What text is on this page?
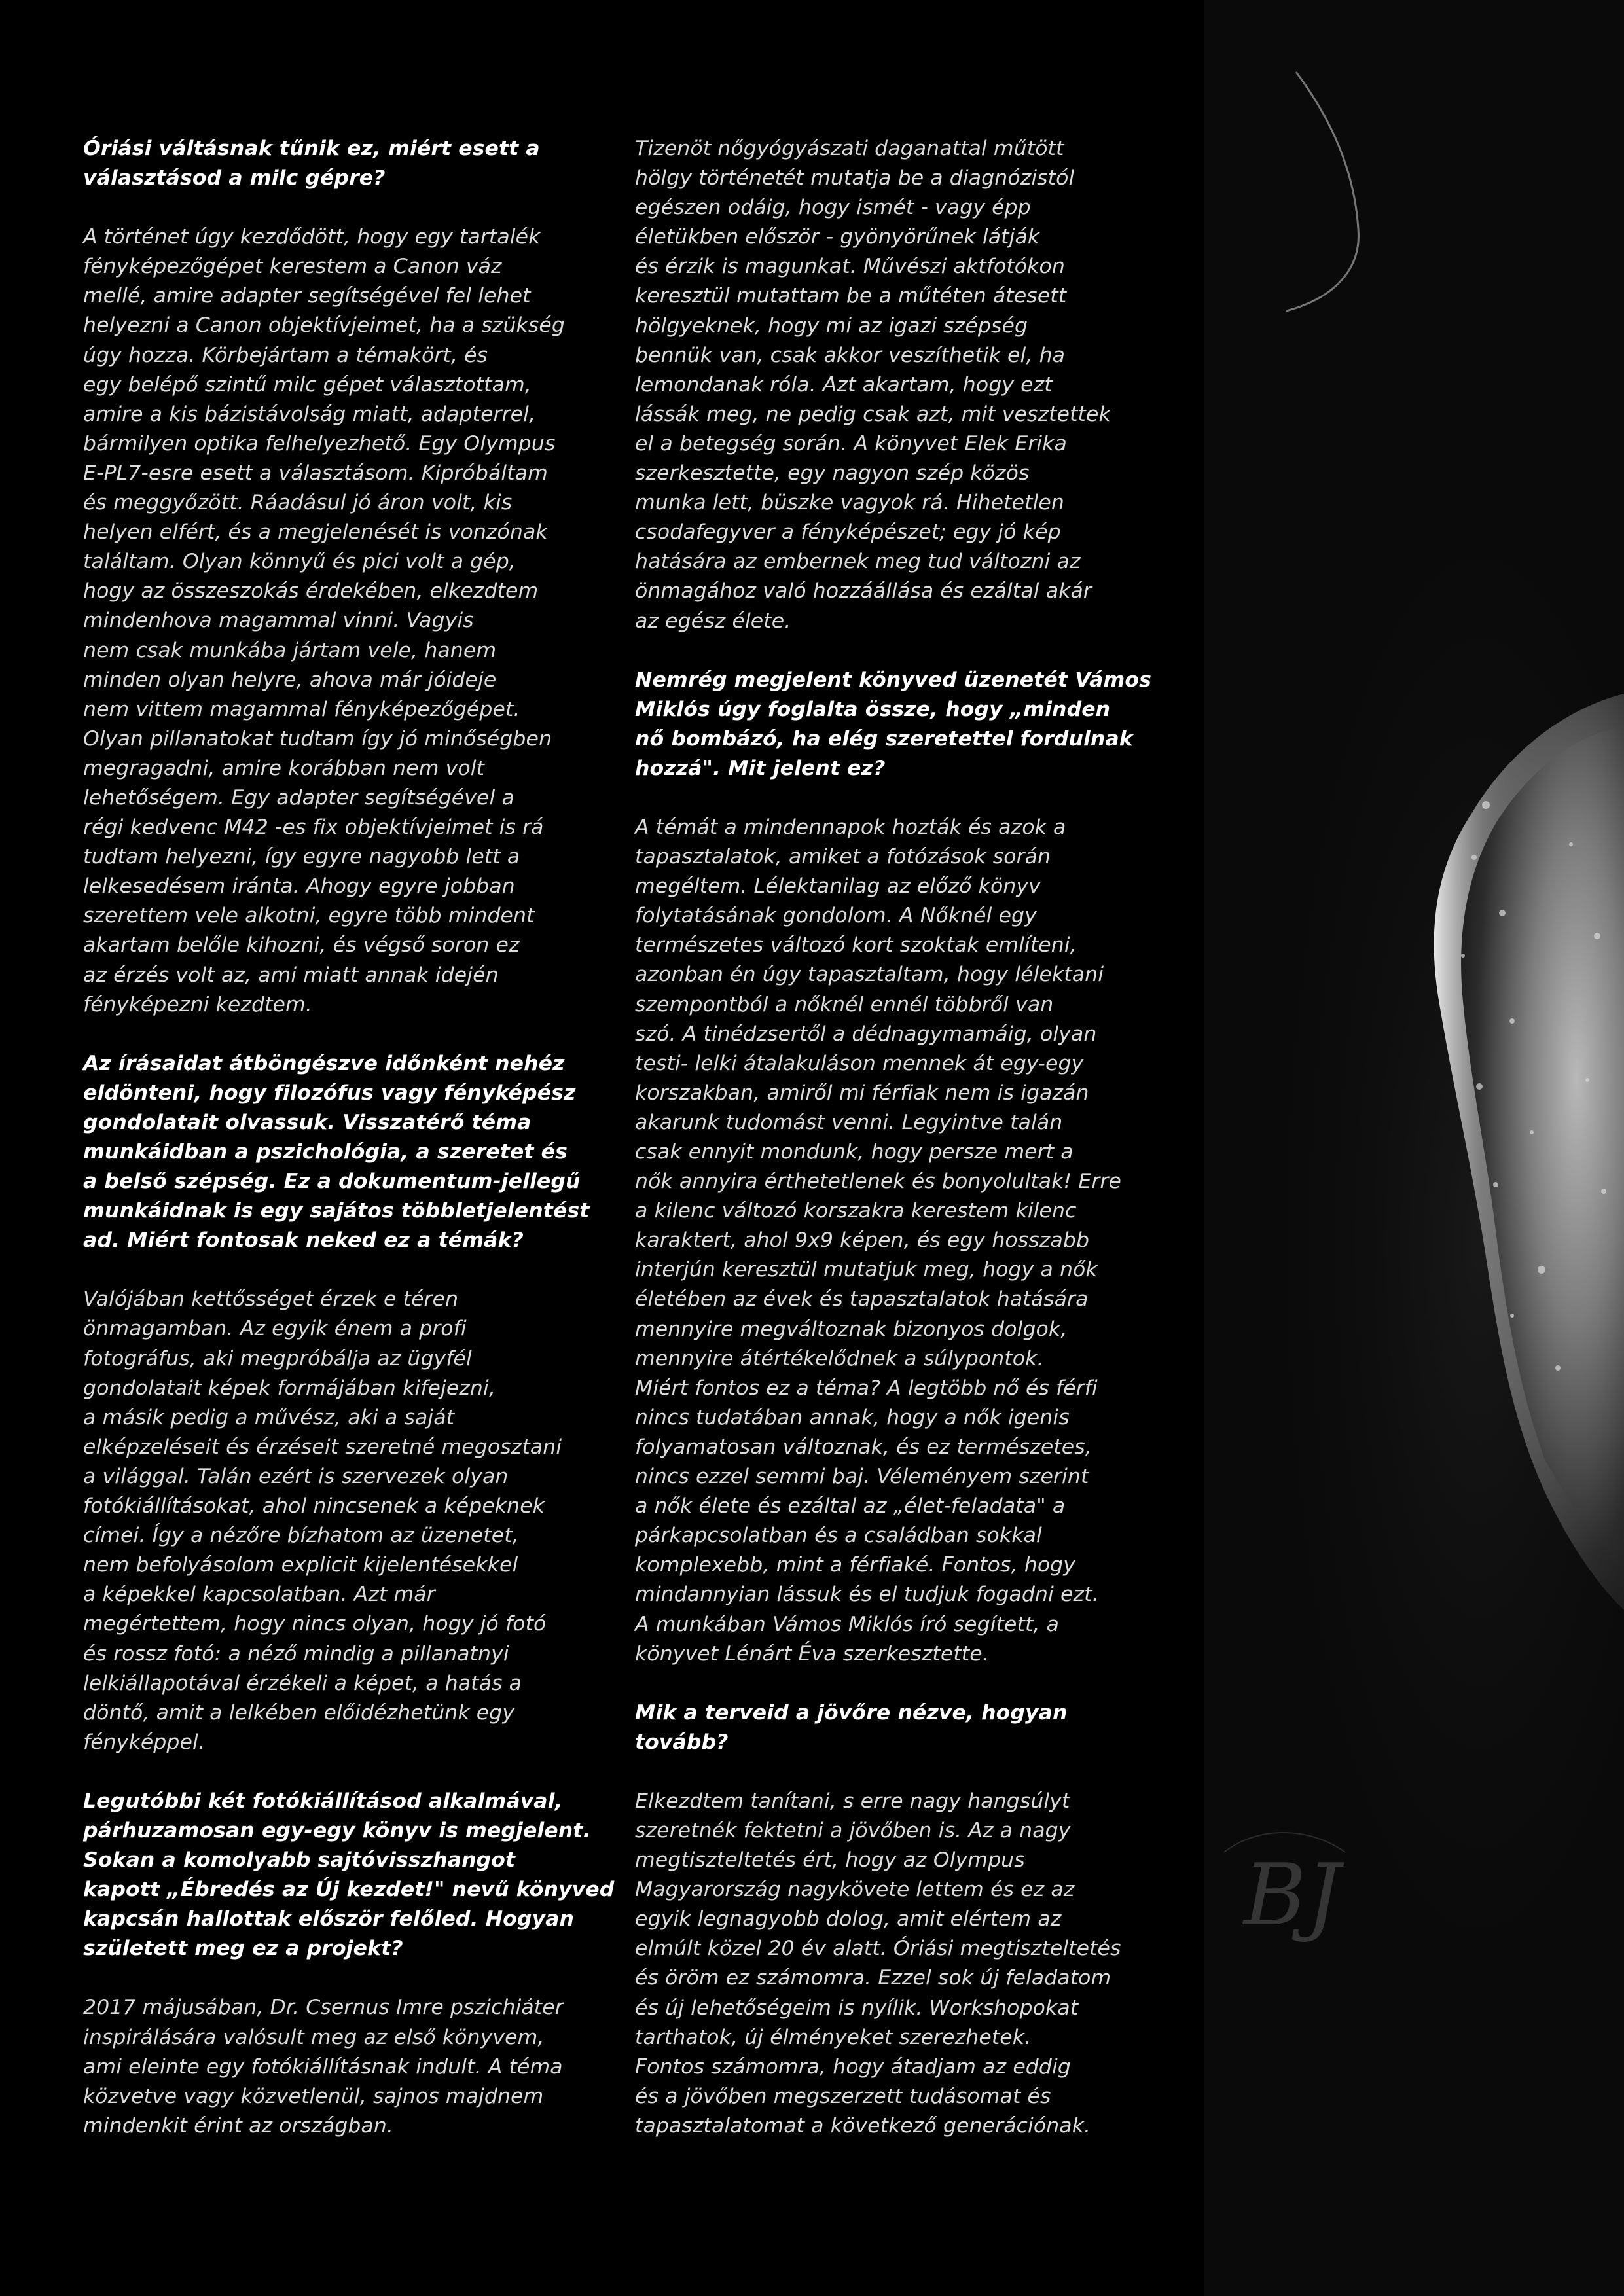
Óriási váltásnak tűnik ez, miért esett a
választásod a milc gépre?
A történet úgy kezdődött, hogy egy tartalék
fényképezőgépet kerestem a Canon váz
mellé, amire adapter segítségével fel lehet
helyezni a Canon objektívjeimet, ha a szükség
úgy hozza. Körbejártam a témakört, és
egy belépő szintű milc gépet választottam,
amire a kis bázistávolság miatt, adapterrel,
bármilyen optika felhelyezhető. Egy Olympus
E-PL7-esre esett a választásom. Kipróbáltam
és meggyőzött. Ráadásul jó áron volt, kis
helyen elfért, és a megjelenését is vonzónak
találtam. Olyan könnyű és pici volt a gép,
hogy az összeszokás érdekében, elkezdtem
mindenhova magammal vinni. Vagyis
nem csak munkába jártam vele, hanem
minden olyan helyre, ahova már jóideje
nem vittem magammal fényképezőgépet.
Olyan pillanatokat tudtam így jó minőségben
megragadni, amire korábban nem volt
lehetőségem. Egy adapter segítségével a
régi kedvenc M42 -es fix objektívjeimet is rá
tudtam helyezni, így egyre nagyobb lett a
lelkesedésem iránta. Ahogy egyre jobban
szerettem vele alkotni, egyre több mindent
akartam belőle kihozni, és végső soron ez
az érzés volt az, ami miatt annak idején
fényképezni kezdtem.
Az írásaidat átböngészve időnként nehéz
eldönteni, hogy filozófus vagy fényképész
gondolatait olvassuk. Visszatérő téma
munkáidban a pszichológia, a szeretet és
a belső szépség. Ez a dokumentum-jellegű
munkáidnak is egy sajátos többletjelentést
ad. Miért fontosak neked ez a témák?
Valójában kettősséget érzek e téren
önmagamban. Az egyik énem a profi
fotográfus, aki megpróbálja az ügyfél
gondolatait képek formájában kifejezni,
a másik pedig a művész, aki a saját
elképzeléseit és érzéseit szeretné megosztani
a világgal. Talán ezért is szervezek olyan
fotókiállításokat, ahol nincsenek a képeknek
címei. Így a nézőre bízhatom az üzenetet,
nem befolyásolom explicit kijelentésekkel
a képekkel kapcsolatban. Azt már
megértettem, hogy nincs olyan, hogy jó fotó
és rossz fotó: a néző mindig a pillanatnyi
lelkiállapotával érzékeli a képet, a hatás a
döntő, amit a lelkében előidézhetünk egy
fényképpel.
Legutóbbi két fotókiállításod alkalmával,
párhuzamosan egy-egy könyv is megjelent.
Sokan a komolyabb sajtóvisszhangot
kapott „Ébredés az Új kezdet!" nevű könyved
kapcsán hallottak először felőled. Hogyan
született meg ez a projekt?
2017 májusában, Dr. Csernus Imre pszichiáter
inspirálására valósult meg az első könyvem,
ami eleinte egy fotókiállításnak indult. A téma
közvetve vagy közvetlenül, sajnos majdnem
mindenkit érint az országban.
Tizenöt nőgyógyászati daganattal műtött
hölgy történetét mutatja be a diagnózistól
egészen odáig, hogy ismét - vagy épp
életükben először - gyönyörűnek látják
és érzik is magunkat. Művészi aktfotókon
keresztül mutattam be a műtéten átesett
hölgyeknek, hogy mi az igazi szépség
bennük van, csak akkor veszíthetik el, ha
lemondanak róla. Azt akartam, hogy ezt
lássák meg, ne pedig csak azt, mit vesztettek
el a betegség során. A könyvet Elek Erika
szerkesztette, egy nagyon szép közös
munka lett, büszke vagyok rá. Hihetetlen
csodafegyver a fényképészet; egy jó kép
hatására az embernek meg tud változni az
önmagához való hozzáállása és ezáltal akár
az egész élete.
Nemrég megjelent könyved üzenetét Vámos
Miklós úgy foglalta össze, hogy „minden
nő bombázó, ha elég szeretettel fordulnak
hozzá". Mit jelent ez?
A témát a mindennapok hozták és azok a
tapasztalatok, amiket a fotózások során
megéltem. Lélektanilag az előző könyv
folytatásának gondolom. A Nőknél egy
természetes változó kort szoktak említeni,
azonban én úgy tapasztaltam, hogy lélektani
szempontból a nőknél ennél többről van
szó. A tinédzsertől a dédnagymamáig, olyan
testi- lelki átalakuláson mennek át egy-egy
korszakban, amiről mi férfiak nem is igazán
akarunk tudomást venni. Legyintve talán
csak ennyit mondunk, hogy persze mert a
nők annyira érthetetlenek és bonyolultak! Erre
a kilenc változó korszakra kerestem kilenc
karaktert, ahol 9x9 képen, és egy hosszabb
interjún keresztül mutatjuk meg, hogy a nők
életében az évek és tapasztalatok hatására
mennyire megváltoznak bizonyos dolgok,
mennyire átértékelődnek a súlypontok.
Miért fontos ez a téma? A legtöbb nő és férfi
nincs tudatában annak, hogy a nők igenis
folyamatosan változnak, és ez természetes,
nincs ezzel semmi baj. Véleményem szerint
a nők élete és ezáltal az „élet-feladata" a
párkapcsolatban és a családban sokkal
komplexebb, mint a férfiaké. Fontos, hogy
mindannyian lássuk és el tudjuk fogadni ezt.
A munkában Vámos Miklós író segített, a
könyvet Lénárt Éva szerkesztette.
Mik a terveid a jövőre nézve, hogyan
tovább?
Elkezdtem tanítani, s erre nagy hangsúlyt
szeretnék fektetni a jövőben is. Az a nagy
megtiszteltetés ért, hogy az Olympus
Magyarország nagykövete lettem és ez az
egyik legnagyobb dolog, amit elértem az
elmúlt közel 20 év alatt. Óriási megtiszteltetés
és öröm ez számomra. Ezzel sok új feladatom
és új lehetőségeim is nyílik. Workshopokat
tarthatok, új élményeket szerezhetek.
Fontos számomra, hogy átadjam az eddig
és a jövőben megszerzett tudásomat és
tapasztalatomat a következő generációnak.
BJ
